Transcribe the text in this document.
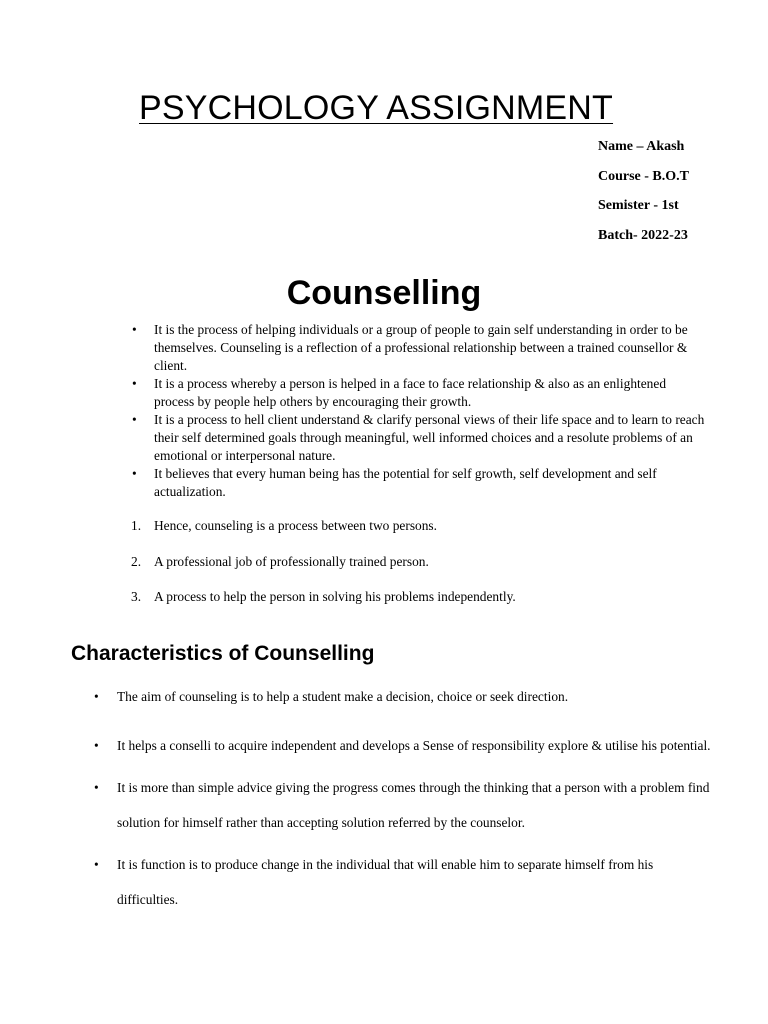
PSYCHOLOGY ASSIGNMENT
Name – Akash
Course - B.O.T
Semister - 1st
Batch- 2022-23
Counselling
• It is the process of helping individuals or a group of people to gain self understanding in order to be themselves. Counseling is a reflection of a professional relationship between a trained counsellor & client.
• It is a process whereby a person is helped in a face to face relationship & also as an enlightened process by people help others by encouraging their growth.
• It is a process to hell client understand & clarify personal views of their life space and to learn to reach their self determined goals through meaningful, well informed choices and a resolute problems of an emotional or interpersonal nature.
• It believes that every human being has the potential for self growth, self development and self actualization.
1. Hence, counseling is a process between two persons.
2. A professional job of professionally trained person.
3. A process to help the person in solving his problems independently.
Characteristics of Counselling
• The aim of counseling is to help a student make a decision, choice or seek direction.
• It helps a conselli to acquire independent and develops a Sense of responsibility explore & utilise his potential.
• It is more than simple advice giving the progress comes through the thinking that a person with a problem find solution for himself rather than accepting solution referred by the counselor.
• It is function is to produce change in the individual that will enable him to separate himself from his difficulties.
